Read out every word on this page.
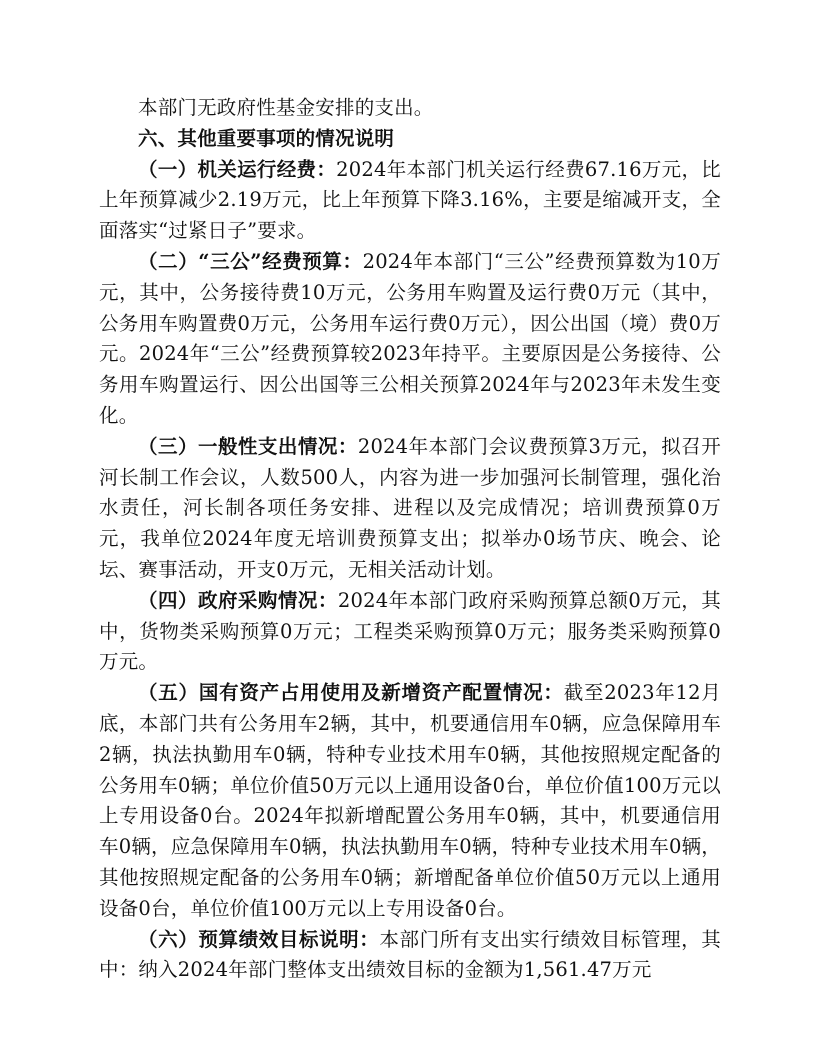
本部门无政府性基金安排的支出。

六、其他重要事项的情况说明

（一）机关运行经费：2024年本部门机关运行经费67.16万元，比上年预算减少2.19万元，比上年预算下降3.16%，主要是缩减开支，全面落实“过紧日子”要求。

（二）“三公”经费预算：2024年本部门“三公”经费预算数为10万元，其中，公务接待费10万元，公务用车购置及运行费0万元（其中，公务用车购置费0万元，公务用车运行费0万元），因公出国（境）费0万元。2024年“三公”经费预算较2023年持平。主要原因是公务接待、公务用车购置运行、因公出国等三公相关预算2024年与2023年未发生变化。

（三）一般性支出情况：2024年本部门会议费预算3万元，拟召开河长制工作会议，人数500人，内容为进一步加强河长制管理，强化治水责任，河长制各项任务安排、进程以及完成情况；培训费预算0万元，我单位2024年度无培训费预算支出；拟举办0场节庆、晚会、论坛、赛事活动，开支0万元，无相关活动计划。

（四）政府采购情况：2024年本部门政府采购预算总额0万元，其中，货物类采购预算0万元；工程类采购预算0万元；服务类采购预算0万元。

（五）国有资产占用使用及新增资产配置情况：截至2023年12月底，本部门共有公务用车2辆，其中，机要通信用车0辆，应急保障用车2辆，执法执勤用车0辆，特种专业技术用车0辆，其他按照规定配备的公务用车0辆；单位价值50万元以上通用设备0台，单位价值100万元以上专用设备0台。2024年拟新增配置公务用车0辆，其中，机要通信用车0辆，应急保障用车0辆，执法执勤用车0辆，特种专业技术用车0辆，其他按照规定配备的公务用车0辆；新增配备单位价值50万元以上通用设备0台，单位价值100万元以上专用设备0台。

（六）预算绩效目标说明：本部门所有支出实行绩效目标管理，其中：纳入2024年部门整体支出绩效目标的金额为1,561.47万元
